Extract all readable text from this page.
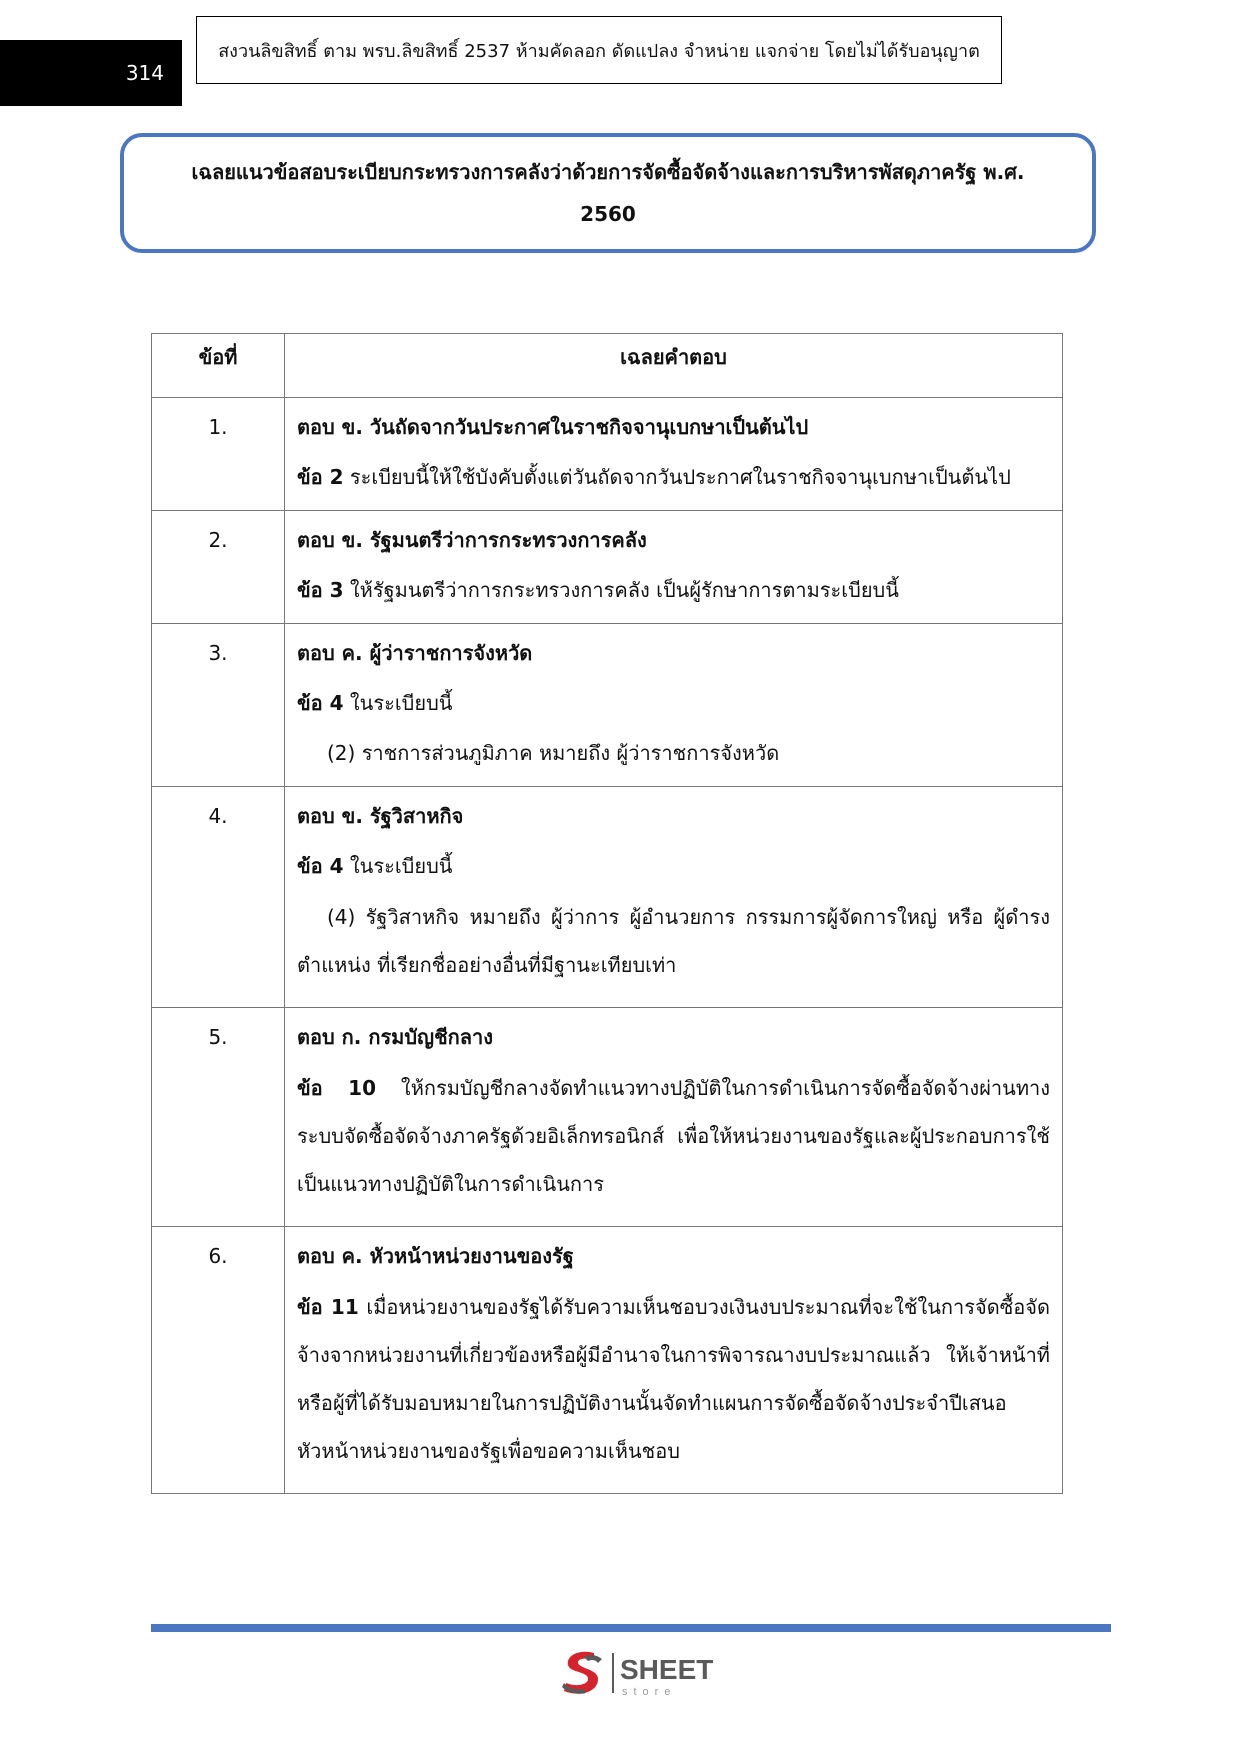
314
สงวนลิขสิทธิ์ ตาม พรบ.ลิขสิทธิ์ 2537 ห้ามคัดลอก ดัดแปลง จำหน่าย แจกจ่าย โดยไม่ได้รับอนุญาต
เฉลยแนวข้อสอบระเบียบกระทรวงการคลังว่าด้วยการจัดซื้อจัดจ้างและการบริหารพัสดุภาครัฐ พ.ศ.
2560
ข้อที่	เฉลยคำตอบ
1.	ตอบ ข. วันถัดจากวันประกาศในราชกิจจานุเบกษาเป็นต้นไป
ข้อ 2 ระเบียบนี้ให้ใช้บังคับตั้งแต่วันถัดจากวันประกาศในราชกิจจานุเบกษาเป็นต้นไป

2.	ตอบ ข. รัฐมนตรีว่าการกระทรวงการคลัง
ข้อ 3 ให้รัฐมนตรีว่าการกระทรวงการคลัง เป็นผู้รักษาการตามระเบียบนี้

3.	ตอบ ค. ผู้ว่าราชการจังหวัด
ข้อ 4 ในระเบียบนี้
(2) ราชการส่วนภูมิภาค หมายถึง ผู้ว่าราชการจังหวัด

4.	ตอบ ข. รัฐวิสาหกิจ
ข้อ 4 ในระเบียบนี้
(4) รัฐวิสาหกิจ หมายถึง ผู้ว่าการ ผู้อำนวยการ กรรมการผู้จัดการใหญ่ หรือ ผู้ดำรงตำแหน่ง ที่เรียกชื่ออย่างอื่นที่มีฐานะเทียบเท่า

5.	ตอบ ก. กรมบัญชีกลาง
ข้อ 10 ให้กรมบัญชีกลางจัดทำแนวทางปฏิบัติในการดำเนินการจัดซื้อจัดจ้างผ่านทางระบบจัดซื้อจัดจ้างภาครัฐด้วยอิเล็กทรอนิกส์ เพื่อให้หน่วยงานของรัฐและผู้ประกอบการใช้เป็นแนวทางปฏิบัติในการดำเนินการ

6.	ตอบ ค. หัวหน้าหน่วยงานของรัฐ
ข้อ 11 เมื่อหน่วยงานของรัฐได้รับความเห็นชอบวงเงินงบประมาณที่จะใช้ในการจัดซื้อจัดจ้างจากหน่วยงานที่เกี่ยวข้องหรือผู้มีอำนาจในการพิจารณางบประมาณแล้ว ให้เจ้าหน้าที่หรือผู้ที่ได้รับมอบหมายในการปฏิบัติงานนั้นจัดทำแผนการจัดซื้อจัดจ้างประจำปีเสนอหัวหน้าหน่วยงานของรัฐเพื่อขอความเห็นชอบ
SHEET
store
